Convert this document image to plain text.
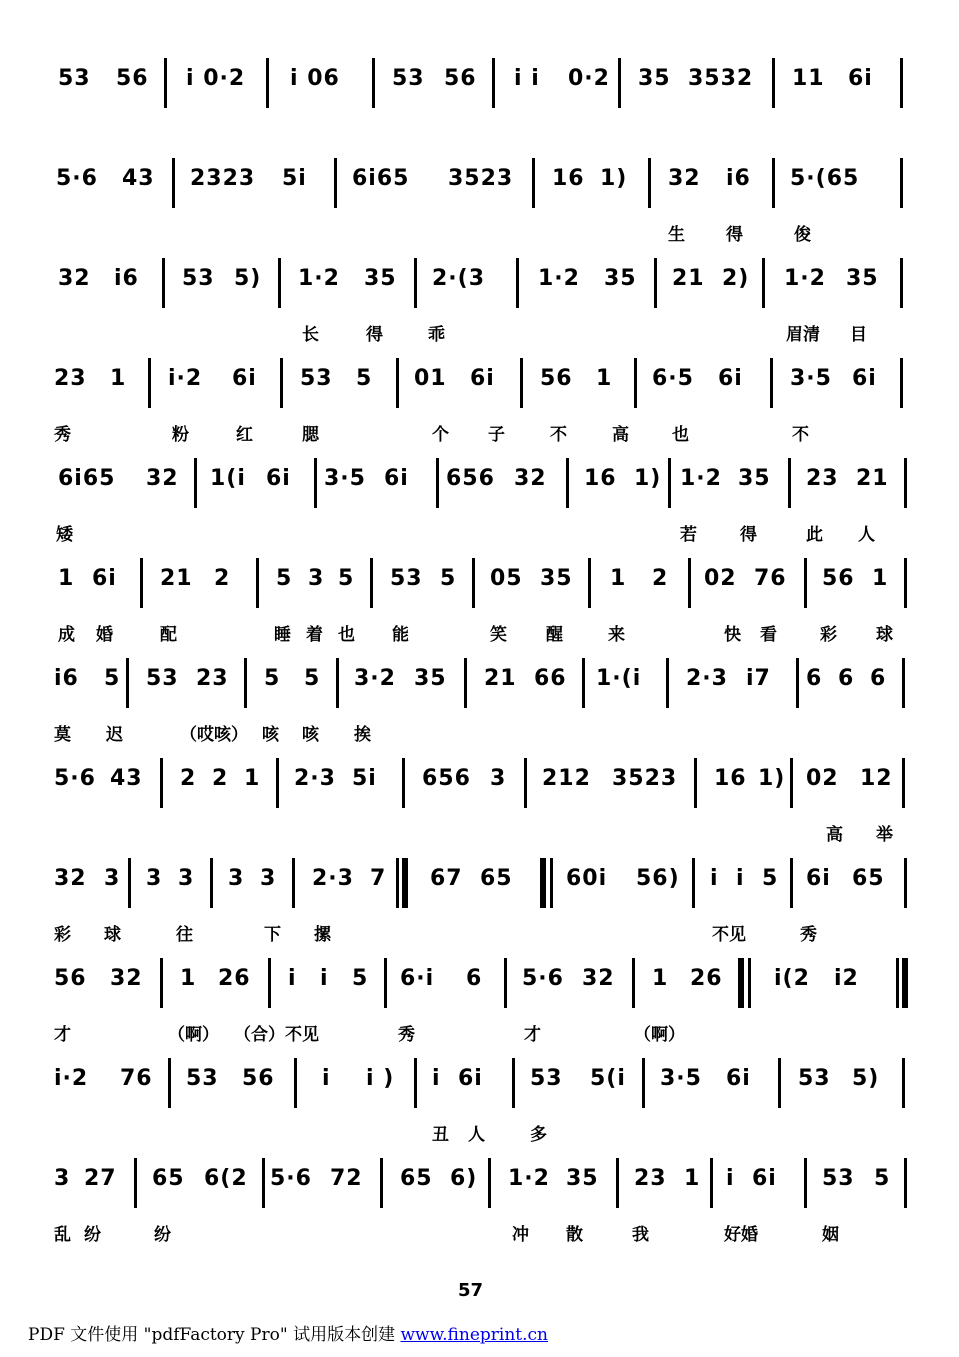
53 56 i 0·2 i 06 53 56 i i 0·2 35 3532 11 6i
5·6 43 2323 5i 6i65 3523 16 1) 32 i6 5·(65
生 得	俊
32 i6 53 5) 1·2 35 2·(3 1·2 35 21 2) 1·2 35
长	得	乖	眉清 目
23 1 i·2 6i 53 5 01 6i 56 1 6·5 6i 3·5 6i
秀	粉	红	腮	个 子	不	高	也	不
6i65 32 1(i 6i 3·5 6i 656 32 16 1) 1·2 35 23 21
矮	若	得	此 人
1 6i 21 2 5 3 5 53 5 05 35 1 2 02 76 56 1
成 婚	配	睡 着 也 能	笑 醒	来	快 看	彩 球
i6 5 53 23 5 5 3·2 35 21 66 1·(i 2·3 i7 6 6 6
莫 迟	（哎咳） 咳 咳 挨
5·6 43 2 2 1 2·3 5i 656 3 212 3523 16 1) 02 12
高 举
32 3 3 3 3 3 2·3 7 67 65 60i 56) i i 5 6i 65
彩 球	往	下 摞	不见	秀
56 32 1 26 i i 5 6·i 6 5·6 32 1 26 i(2 i2
才	（啊） （合）不见	秀	才	（啊）
i·2 76 53 56 i i ) i 6i 53 5(i 3·5 6i 53 5)
丑 人	多
3 27 65 6(2 5·6 72 65 6) 1·2 35 23 1 i 6i 53 5
乱 纷	纷	冲 散	我	好婚	姻
57
PDF 文件使用 "pdfFactory Pro" 试用版本创建 www.fineprint.cn
